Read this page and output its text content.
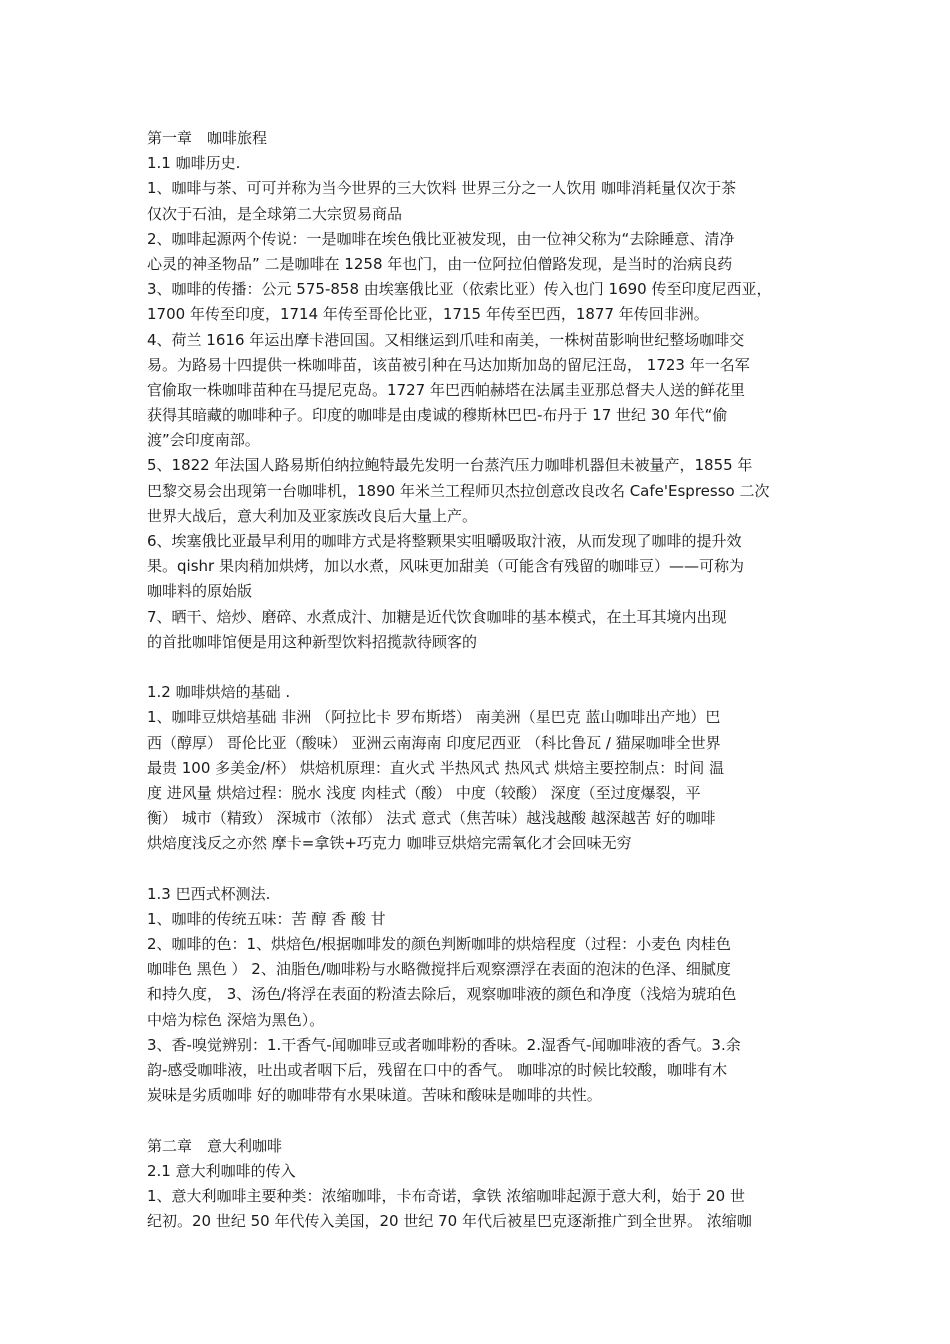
第一章　咖啡旅程
1.1 咖啡历史.
1、咖啡与茶、可可并称为当今世界的三大饮料 世界三分之一人饮用 咖啡消耗量仅次于茶
仅次于石油，是全球第二大宗贸易商品
2、咖啡起源两个传说：一是咖啡在埃色俄比亚被发现，由一位神父称为“去除睡意、清净
心灵的神圣物品” 二是咖啡在 1258 年也门，由一位阿拉伯僧路发现，是当时的治病良药
3、咖啡的传播：公元 575-858 由埃塞俄比亚（依索比亚）传入也门 1690 传至印度尼西亚，
1700 年传至印度，1714 年传至哥伦比亚，1715 年传至巴西，1877 年传回非洲。
4、荷兰 1616 年运出摩卡港回国。又相继运到爪哇和南美，一株树苗影响世纪整场咖啡交
易。为路易十四提供一株咖啡苗，该苗被引种在马达加斯加岛的留尼汪岛， 1723 年一名军
官偷取一株咖啡苗种在马提尼克岛。1727 年巴西帕赫塔在法属圭亚那总督夫人送的鲜花里
获得其暗藏的咖啡种子。印度的咖啡是由虔诚的穆斯林巴巴-布丹于 17 世纪 30 年代“偷
渡”会印度南部。
5、1822 年法国人路易斯伯纳拉鲍特最先发明一台蒸汽压力咖啡机器但未被量产，1855 年
巴黎交易会出现第一台咖啡机，1890 年米兰工程师贝杰拉创意改良改名 Cafe'Espresso 二次
世界大战后，意大利加及亚家族改良后大量上产。
6、埃塞俄比亚最早利用的咖啡方式是将整颗果实咀嚼吸取汁液，从而发现了咖啡的提升效
果。qishr 果肉稍加烘烤，加以水煮，风味更加甜美（可能含有残留的咖啡豆）——可称为
咖啡料的原始版
7、晒干、焙炒、磨碎、水煮成汁、加糖是近代饮食咖啡的基本模式，在土耳其境内出现
的首批咖啡馆便是用这种新型饮料招揽款待顾客的
1.2 咖啡烘焙的基础 .
1、咖啡豆烘焙基础 非洲 （阿拉比卡 罗布斯塔） 南美洲（星巴克 蓝山咖啡出产地）巴
西（醇厚） 哥伦比亚（酸味） 亚洲云南海南 印度尼西亚 （科比鲁瓦 / 猫屎咖啡全世界
最贵 100 多美金/杯） 烘焙机原理：直火式 半热风式 热风式 烘焙主要控制点：时间 温
度 进风量 烘焙过程：脱水 浅度 肉桂式（酸） 中度（较酸） 深度（至过度爆裂，平
衡） 城市（精致） 深城市（浓郁） 法式 意式（焦苦味）越浅越酸 越深越苦 好的咖啡
烘焙度浅反之亦然 摩卡=拿铁+巧克力 咖啡豆烘焙完需氧化才会回味无穷
1.3 巴西式杯测法.
1、咖啡的传统五味：苦 醇 香 酸 甘
2、咖啡的色：1、烘焙色/根据咖啡发的颜色判断咖啡的烘焙程度（过程：小麦色 肉桂色
咖啡色 黑色 ） 2、油脂色/咖啡粉与水略微搅拌后观察漂浮在表面的泡沫的色泽、细腻度
和持久度， 3、汤色/将浮在表面的粉渣去除后，观察咖啡液的颜色和净度（浅焙为琥珀色
中焙为棕色 深焙为黑色）。
3、香-嗅觉辨别：1.干香气-闻咖啡豆或者咖啡粉的香味。2.湿香气-闻咖啡液的香气。3.余
韵-感受咖啡液，吐出或者咽下后，残留在口中的香气。 咖啡凉的时候比较酸，咖啡有木
炭味是劣质咖啡 好的咖啡带有水果味道。苦味和酸味是咖啡的共性。
第二章　意大利咖啡
2.1 意大利咖啡的传入
1、意大利咖啡主要种类：浓缩咖啡，卡布奇诺，拿铁 浓缩咖啡起源于意大利，始于 20 世
纪初。20 世纪 50 年代传入美国，20 世纪 70 年代后被星巴克逐渐推广到全世界。 浓缩咖
